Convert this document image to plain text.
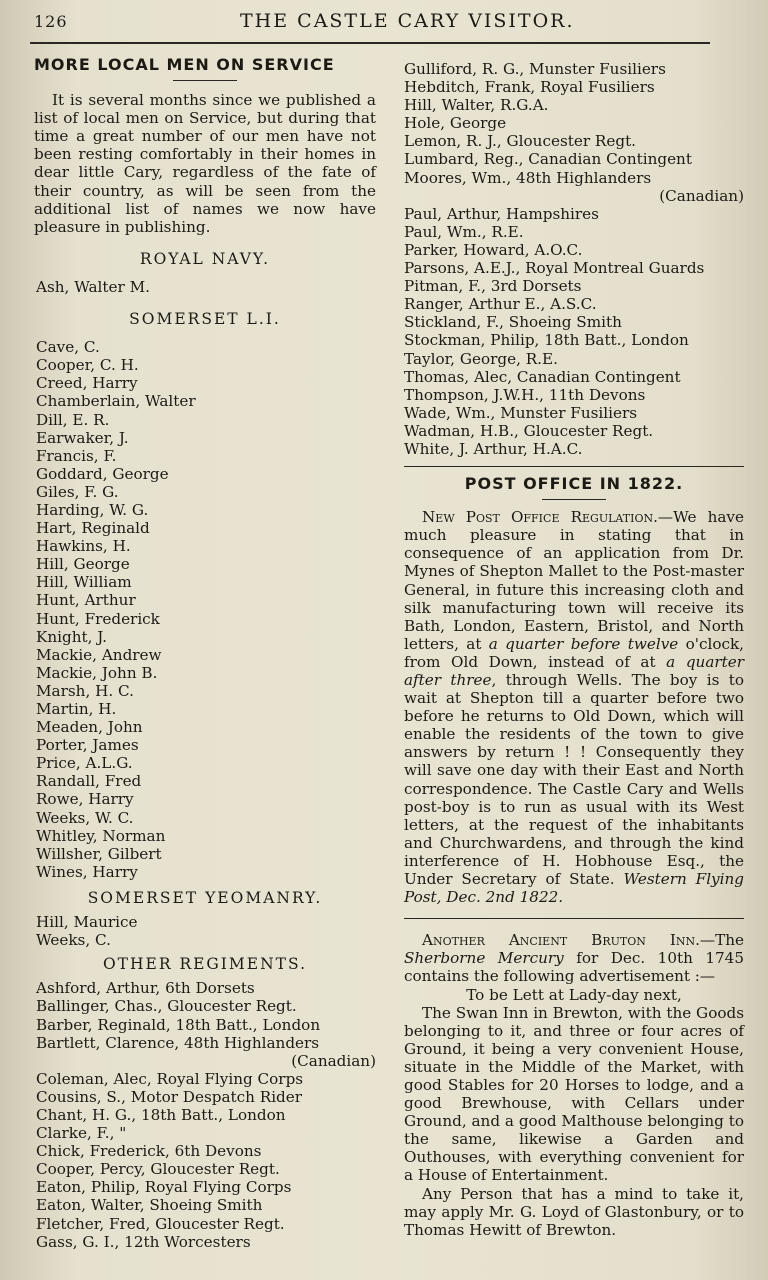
126	THE CASTLE CARY VISITOR.
MORE LOCAL MEN ON SERVICE

It is several months since we published a list of local men on Service, but during that time a great number of our men have not been resting comfortably in their homes in dear little Cary, regardless of the fate of their country, as will be seen from the additional list of names we now have pleasure in publishing.

ROYAL NAVY.
Ash, Walter M.
SOMERSET L.I.
Cave, C.
Cooper, C. H.
Creed, Harry
Chamberlain, Walter
Dill, E. R.
Earwaker, J.
Francis, F.
Goddard, George
Giles, F. G.
Harding, W. G.
Hart, Reginald
Hawkins, H.
Hill, George
Hill, William
Hunt, Arthur
Hunt, Frederick
Knight, J.
Mackie, Andrew
Mackie, John B.
Marsh, H. C.
Martin, H.
Meaden, John
Porter, James
Price, A.L.G.
Randall, Fred
Rowe, Harry
Weeks, W. C.
Whitley, Norman
Willsher, Gilbert
Wines, Harry
SOMERSET YEOMANRY.
Hill, Maurice
Weeks, C.
OTHER REGIMENTS.
Ashford, Arthur, 6th Dorsets
Ballinger, Chas., Gloucester Regt.
Barber, Reginald, 18th Batt., London
Bartlett, Clarence, 48th Highlanders
(Canadian)
Coleman, Alec, Royal Flying Corps
Cousins, S., Motor Despatch Rider
Chant, H. G., 18th Batt., London
Clarke, F., "
Chick, Frederick, 6th Devons
Cooper, Percy, Gloucester Regt.
Eaton, Philip, Royal Flying Corps
Eaton, Walter, Shoeing Smith
Fletcher, Fred, Gloucester Regt.
Gass, G. I., 12th Worcesters
Gulliford, R. G., Munster Fusiliers
Hebditch, Frank, Royal Fusiliers
Hill, Walter, R.G.A.
Hole, George
Lemon, R. J., Gloucester Regt.
Lumbard, Reg., Canadian Contingent
Moores, Wm., 48th Highlanders
(Canadian)
Paul, Arthur, Hampshires
Paul, Wm., R.E.
Parker, Howard, A.O.C.
Parsons, A.E.J., Royal Montreal Guards
Pitman, F., 3rd Dorsets
Ranger, Arthur E., A.S.C.
Stickland, F., Shoeing Smith
Stockman, Philip, 18th Batt., London
Taylor, George, R.E.
Thomas, Alec, Canadian Contingent
Thompson, J.W.H., 11th Devons
Wade, Wm., Munster Fusiliers
Wadman, H.B., Gloucester Regt.
White, J. Arthur, H.A.C.
POST OFFICE IN 1822.

New Post Office Regulation.—We have much pleasure in stating that in consequence of an application from Dr. Mynes of Shepton Mallet to the Post-master General, in future this increasing cloth and silk manufacturing town will receive its Bath, London, Eastern, Bristol, and North letters, at a quarter before twelve o'clock, from Old Down, instead of at a quarter after three, through Wells. The boy is to wait at Shepton till a quarter before two before he returns to Old Down, which will enable the residents of the town to give answers by return ! ! Consequently they will save one day with their East and North correspondence. The Castle Cary and Wells post-boy is to run as usual with its West letters, at the request of the inhabitants and Churchwardens, and through the kind interference of H. Hobhouse Esq., the Under Secretary of State. Western Flying Post, Dec. 2nd 1822.

Another Ancient Bruton Inn.—The Sherborne Mercury for Dec. 10th 1745 contains the following advertisement :—

To be Lett at Lady-day next,

The Swan Inn in Brewton, with the Goods belonging to it, and three or four acres of Ground, it being a very convenient House, situate in the Middle of the Market, with good Stables for 20 Horses to lodge, and a good Brewhouse, with Cellars under Ground, and a good Malthouse belonging to the same, likewise a Garden and Outhouses, with everything convenient for a House of Entertainment.

Any Person that has a mind to take it, may apply Mr. G. Loyd of Glastonbury, or to Thomas Hewitt of Brewton.
